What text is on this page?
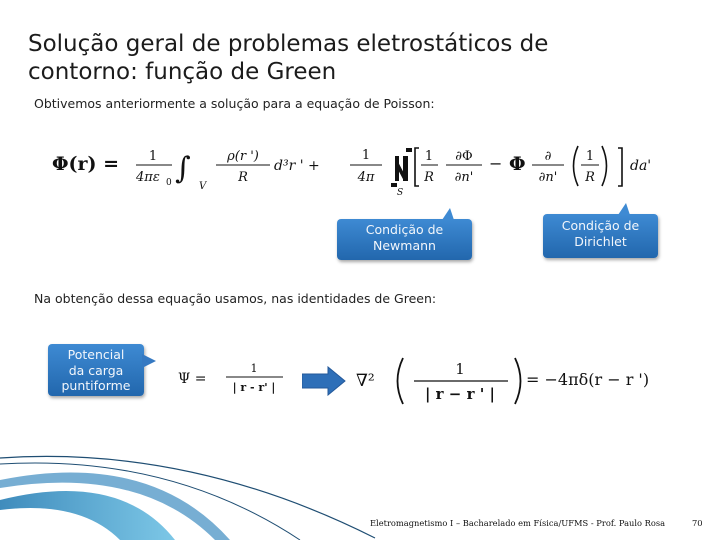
Solução geral de problemas eletrostáticos de
contorno: função de Green
Obtivemos anteriormente a solução para a equação de Poisson:
Φ(r) = 1
4πε 0 ∫
V
ρ(r ')
R
d³r ' +
1
4π
S
1
R
∂Φ
∂n'
− Φ ∂
∂n'
1
R
da'
Condição de
Newmann
Condição de
Dirichlet
Na obtenção dessa equação usamos, nas identidades de Green:
Potencial
da carga
puntiforme	Ψ =
1
| r - r' |	∇²
1
| r − r ' |
= −4πδ(r − r ')
Eletromagnetismo I – Bacharelado em Física/UFMS - Prof. Paulo Rosa	70
